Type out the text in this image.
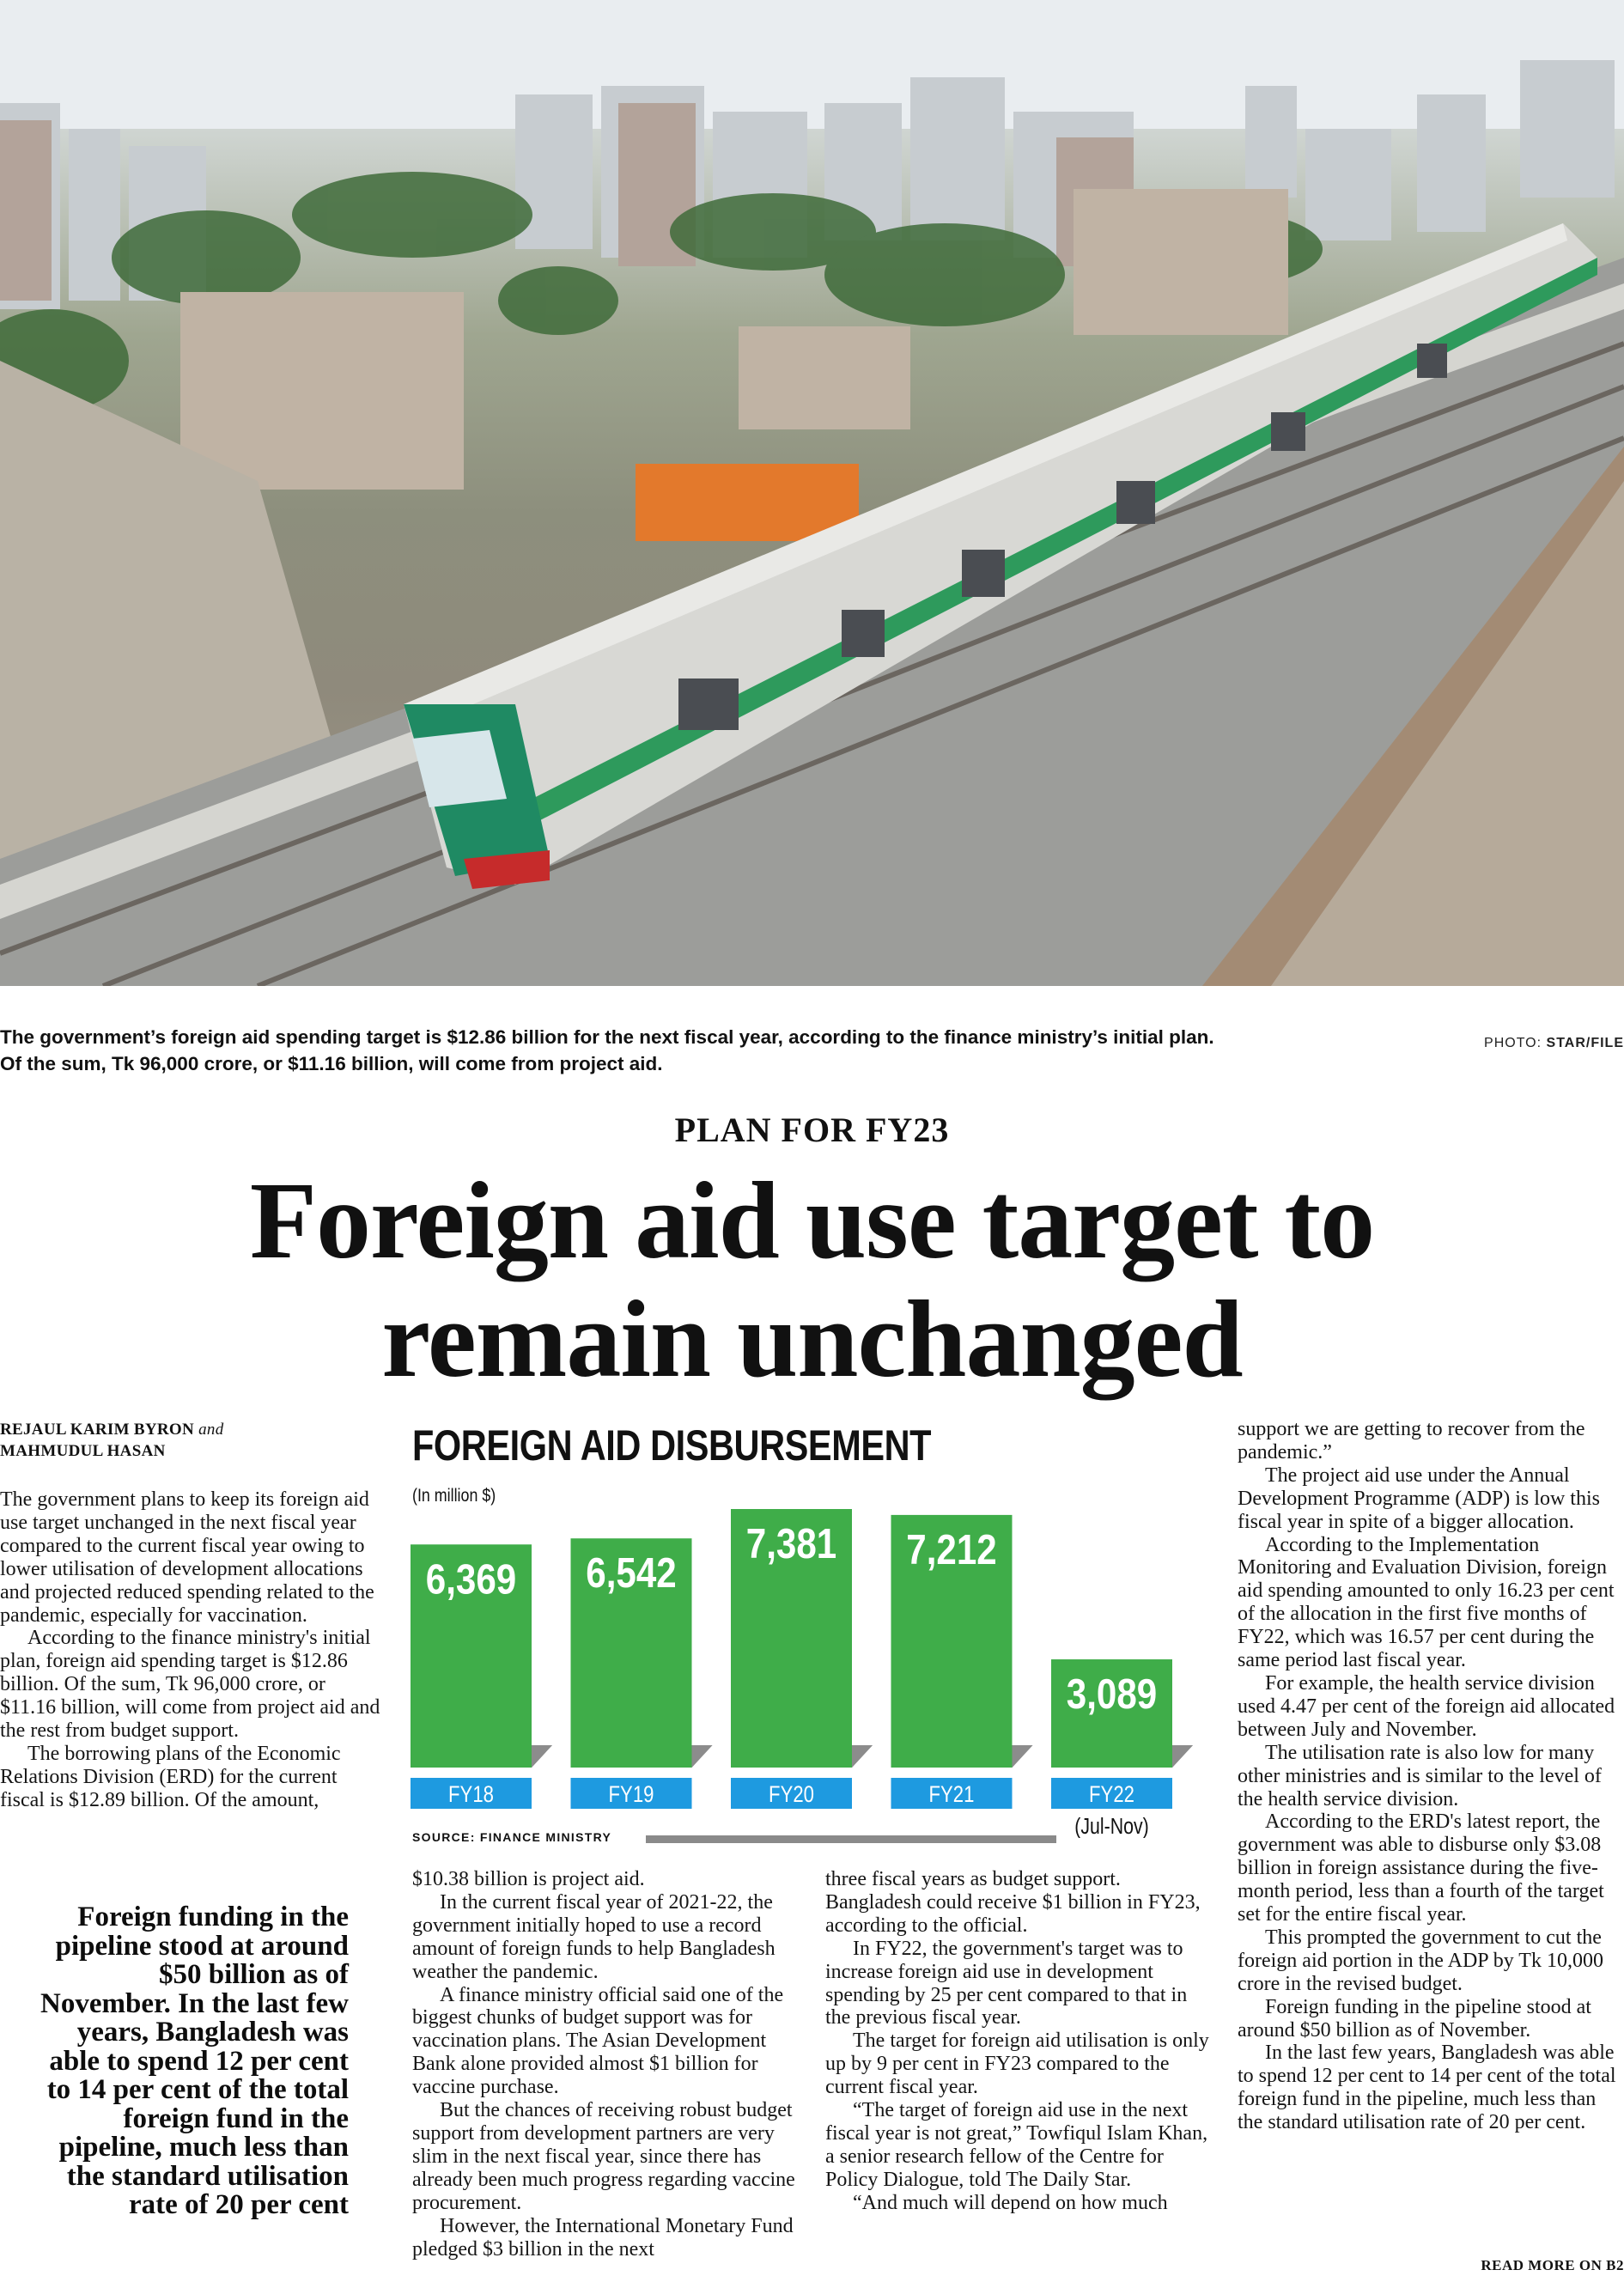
The government’s foreign aid spending target is $12.86 billion for the next fiscal year, according to the finance ministry’s initial plan.
Of the sum, Tk 96,000 crore, or $11.16 billion, will come from project aid.
PHOTO: STAR/FILE
PLAN FOR FY23
Foreign aid use target to
remain unchanged
REJAUL KARIM BYRON and
MAHMUDUL HASAN

The government plans to keep its foreign aid use target unchanged in the next fiscal year compared to the current fiscal year owing to lower utilisation of development allocations and projected reduced spending related to the pandemic, especially for vaccination.

According to the finance ministry's initial plan, foreign aid spending target is $12.86 billion. Of the sum, Tk 96,000 crore, or $11.16 billion, will come from project aid and the rest from budget support.

The borrowing plans of the Economic Relations Division (ERD) for the current fiscal is $12.89 billion. Of the amount,

Foreign funding in the pipeline stood at around $50 billion as of November. In the last few years, Bangladesh was able to spend 12 per cent to 14 per cent of the total foreign fund in the pipeline, much less than the standard utilisation rate of 20 per cent

$10.38 billion is project aid.

In the current fiscal year of 2021-22, the government initially hoped to use a record amount of foreign funds to help Bangladesh weather the pandemic.

A finance ministry official said one of the biggest chunks of budget support was for vaccination plans. The Asian Development Bank alone provided almost $1 billion for vaccine purchase.

But the chances of receiving robust budget support from development partners are very slim in the next fiscal year, since there has already been much progress regarding vaccine procurement.

However, the International Monetary Fund pledged $3 billion in the next

three fiscal years as budget support. Bangladesh could receive $1 billion in FY23, according to the official.

In FY22, the government's target was to increase foreign aid use in development spending by 25 per cent compared to that in the previous fiscal year.

The target for foreign aid utilisation is only up by 9 per cent in FY23 compared to the current fiscal year.

“The target of foreign aid use in the next fiscal year is not great,” Towfiqul Islam Khan, a senior research fellow of the Centre for Policy Dialogue, told The Daily Star.

“And much will depend on how much

support we are getting to recover from the pandemic.”

The project aid use under the Annual Development Programme (ADP) is low this fiscal year in spite of a bigger allocation.

According to the Implementation Monitoring and Evaluation Division, foreign aid spending amounted to only 16.23 per cent of the allocation in the first five months of FY22, which was 16.57 per cent during the same period last fiscal year.

For example, the health service division used 4.47 per cent of the foreign aid allocated between July and November.

The utilisation rate is also low for many other ministries and is similar to the level of the health service division.

According to the ERD's latest report, the government was able to disburse only $3.08 billion in foreign assistance during the five-month period, less than a fourth of the target set for the entire fiscal year.

This prompted the government to cut the foreign aid portion in the ADP by Tk 10,000 crore in the revised budget.

Foreign funding in the pipeline stood at around $50 billion as of November.

In the last few years, Bangladesh was able to spend 12 per cent to 14 per cent of the total foreign fund in the pipeline, much less than the standard utilisation rate of 20 per cent.

READ MORE ON B2
FOREIGN AID DISBURSEMENT
(In million $)
6,369
FY18
6,542
FY19
7,381
FY20
7,212
FY21
3,089
FY22
(Jul-Nov)
SOURCE: FINANCE MINISTRY
